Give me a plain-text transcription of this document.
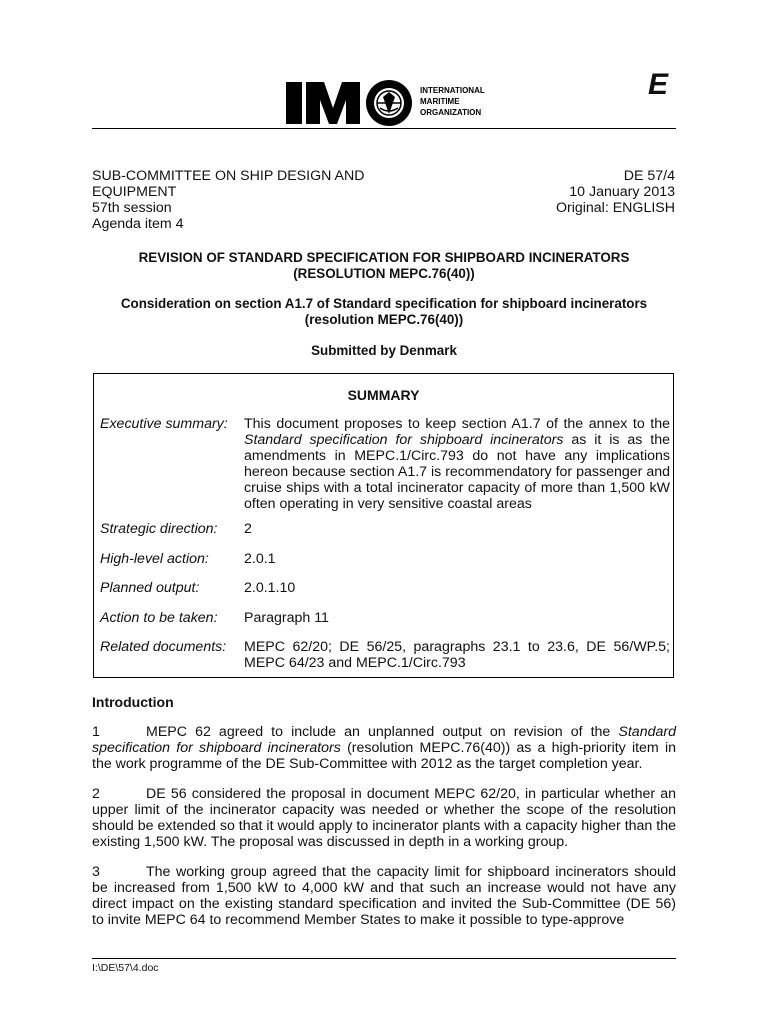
INTERNATIONAL
MARITIME
ORGANIZATION
E
SUB-COMMITTEE ON SHIP DESIGN AND
EQUIPMENT
57th session
Agenda item 4
DE 57/4
10 January 2013
Original: ENGLISH
REVISION OF STANDARD SPECIFICATION FOR SHIPBOARD INCINERATORS
(RESOLUTION MEPC.76(40))
Consideration on section A1.7 of Standard specification for shipboard incinerators
(resolution MEPC.76(40))
Submitted by Denmark
SUMMARY
Executive summary: This document proposes to keep section A1.7 of the annex to the Standard specification for shipboard incinerators as it is as the amendments in MEPC.1/Circ.793 do not have any implications hereon because section A1.7 is recommendatory for passenger and cruise ships with a total incinerator capacity of more than 1,500 kW often operating in very sensitive coastal areas
Strategic direction: 2
High-level action: 2.0.1
Planned output:	2.0.1.10
Action to be taken: Paragraph 11
Related documents: MEPC 62/20; DE 56/25, paragraphs 23.1 to 23.6, DE 56/WP.5; MEPC 64/23 and MEPC.1/Circ.793
Introduction
1	MEPC 62 agreed to include an unplanned output on revision of the Standard specification for shipboard incinerators (resolution MEPC.76(40)) as a high-priority item in the work programme of the DE Sub-Committee with 2012 as the target completion year.
2	DE 56 considered the proposal in document MEPC 62/20, in particular whether an upper limit of the incinerator capacity was needed or whether the scope of the resolution should be extended so that it would apply to incinerator plants with a capacity higher than the existing 1,500 kW. The proposal was discussed in depth in a working group.
3	The working group agreed that the capacity limit for shipboard incinerators should be increased from 1,500 kW to 4,000 kW and that such an increase would not have any direct impact on the existing standard specification and invited the Sub-Committee (DE 56) to invite MEPC 64 to recommend Member States to make it possible to type-approve
I:\DE\57\4.doc
